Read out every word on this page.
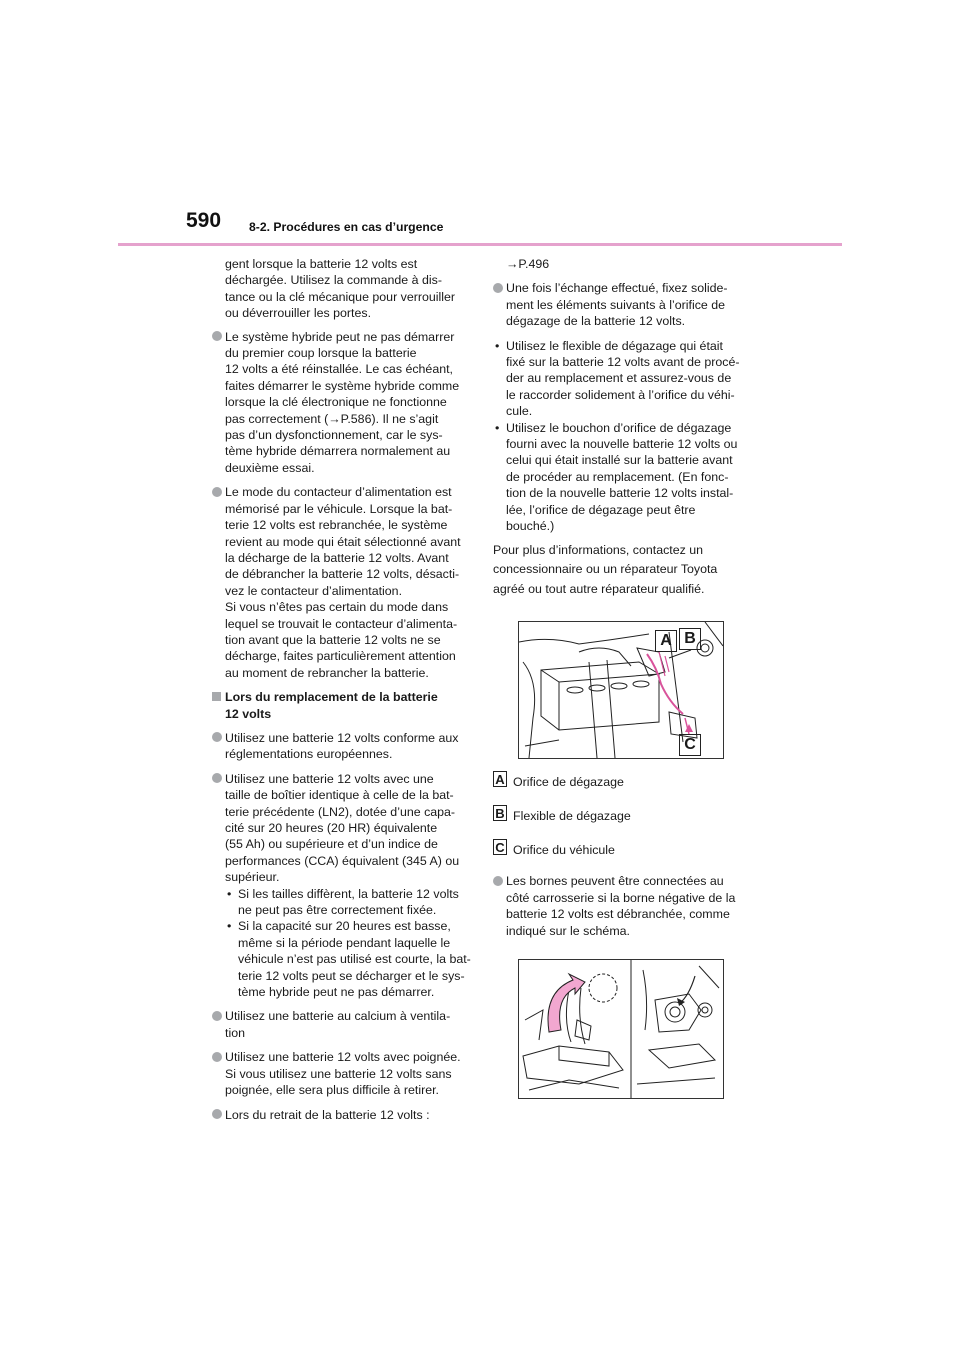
590 8-2. Procédures en cas d’urgence
gent lorsque la batterie 12 volts est
déchargée. Utilisez la commande à dis-
tance ou la clé mécanique pour verrouiller
ou déverrouiller les portes.
Le système hybride peut ne pas démarrer
du premier coup lorsque la batterie
12 volts a été réinstallée. Le cas échéant,
faites démarrer le système hybride comme
lorsque la clé électronique ne fonctionne
pas correctement (→P.586). Il ne s’agit
pas d’un dysfonctionnement, car le sys-
tème hybride démarrera normalement au
deuxième essai.
Le mode du contacteur d’alimentation est
mémorisé par le véhicule. Lorsque la bat-
terie 12 volts est rebranchée, le système
revient au mode qui était sélectionné avant
la décharge de la batterie 12 volts. Avant
de débrancher la batterie 12 volts, désacti-
vez le contacteur d’alimentation.
Si vous n’êtes pas certain du mode dans
lequel se trouvait le contacteur d’alimenta-
tion avant que la batterie 12 volts ne se
décharge, faites particulièrement attention
au moment de rebrancher la batterie.
Lors du remplacement de la batterie
12 volts
Utilisez une batterie 12 volts conforme aux
réglementations européennes.
Utilisez une batterie 12 volts avec une
taille de boîtier identique à celle de la bat-
terie précédente (LN2), dotée d’une capa-
cité sur 20 heures (20 HR) équivalente
(55 Ah) ou supérieure et d’un indice de
performances (CCA) équivalent (345 A) ou
supérieur.
• Si les tailles diffèrent, la batterie 12 volts
ne peut pas être correctement fixée.
• Si la capacité sur 20 heures est basse,
même si la période pendant laquelle le
véhicule n’est pas utilisé est courte, la bat-
terie 12 volts peut se décharger et le sys-
tème hybride peut ne pas démarrer.
Utilisez une batterie au calcium à ventila-
tion
Utilisez une batterie 12 volts avec poignée.
Si vous utilisez une batterie 12 volts sans
poignée, elle sera plus difficile à retirer.
Lors du retrait de la batterie 12 volts :
→P.496
Une fois l’échange effectué, fixez solide-
ment les éléments suivants à l’orifice de
dégazage de la batterie 12 volts.
• Utilisez le flexible de dégazage qui était
fixé sur la batterie 12 volts avant de procé-
der au remplacement et assurez-vous de
le raccorder solidement à l’orifice du véhi-
cule.
• Utilisez le bouchon d’orifice de dégazage
fourni avec la nouvelle batterie 12 volts ou
celui qui était installé sur la batterie avant
de procéder au remplacement. (En fonc-
tion de la nouvelle batterie 12 volts instal-
lée, l’orifice de dégazage peut être
bouché.)
Pour plus d’informations, contactez un
concessionnaire ou un réparateur Toyota
agréé ou tout autre réparateur qualifié.
A B
C
A Orifice de dégazage
B Flexible de dégazage
C Orifice du véhicule
Les bornes peuvent être connectées au
côté carrosserie si la borne négative de la
batterie 12 volts est débranchée, comme
indiqué sur le schéma.
